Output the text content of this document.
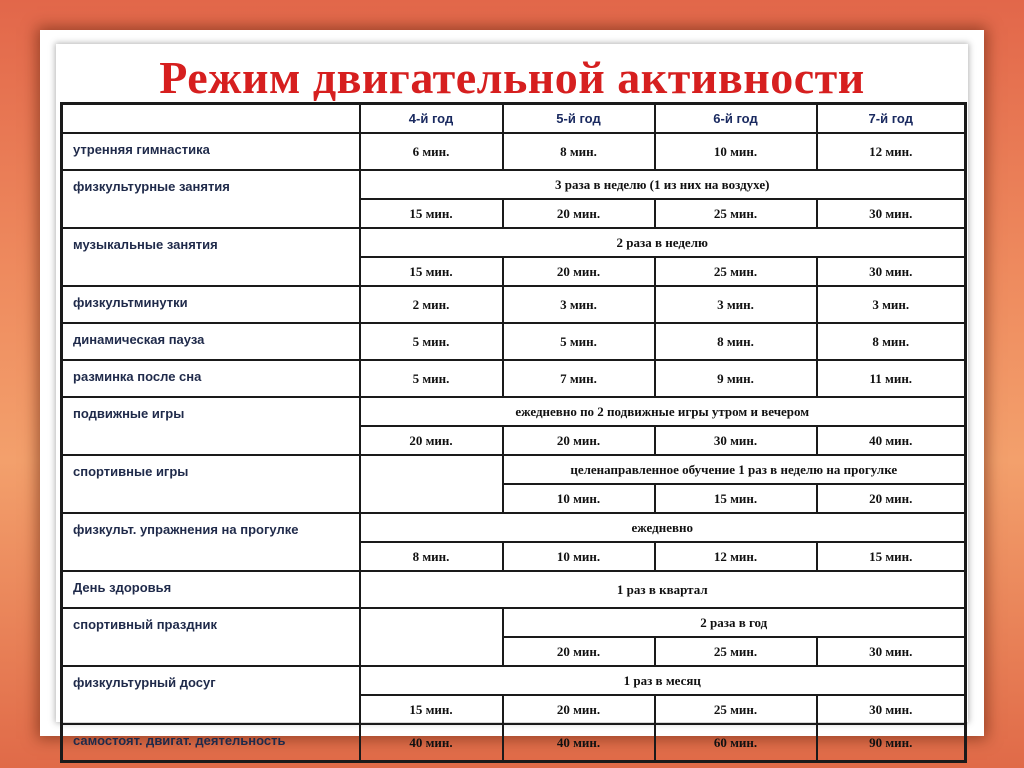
Режим двигательной активности
	4-й год	5-й год	6-й год	7-й год
утренняя гимнастика	6 мин.	8 мин.	10 мин.	12 мин.
физкультурные занятия	3 раза в неделю (1 из них на воздухе)			
	15 мин.	20 мин.	25 мин.	30 мин.
музыкальные занятия	2 раза в неделю			
	15 мин.	20 мин.	25 мин.	30 мин.
физкультминутки	2 мин.	3 мин.	3 мин.	3 мин.
динамическая пауза	5 мин.	5 мин.	8 мин.	8 мин.
разминка после сна	5 мин.	7 мин.	9 мин.	11 мин.
подвижные игры	ежедневно по 2 подвижные игры утром и вечером			
	20 мин.	20 мин.	30 мин.	40 мин.
спортивные игры		целенаправленное обучение 1 раз в неделю на прогулке		
		10 мин.	15 мин.	20 мин.
физкульт. упражнения на прогулке	ежедневно			
	8 мин.	10 мин.	12 мин.	15 мин.
День здоровья	1 раз в квартал			
спортивный праздник		2 раза в год		
		20 мин.	25 мин.	30 мин.
физкультурный досуг	1 раз в месяц			
	15 мин.	20 мин.	25 мин.	30 мин.
самостоят. двигат. деятельность	40 мин.	40 мин.	60 мин.	90 мин.
